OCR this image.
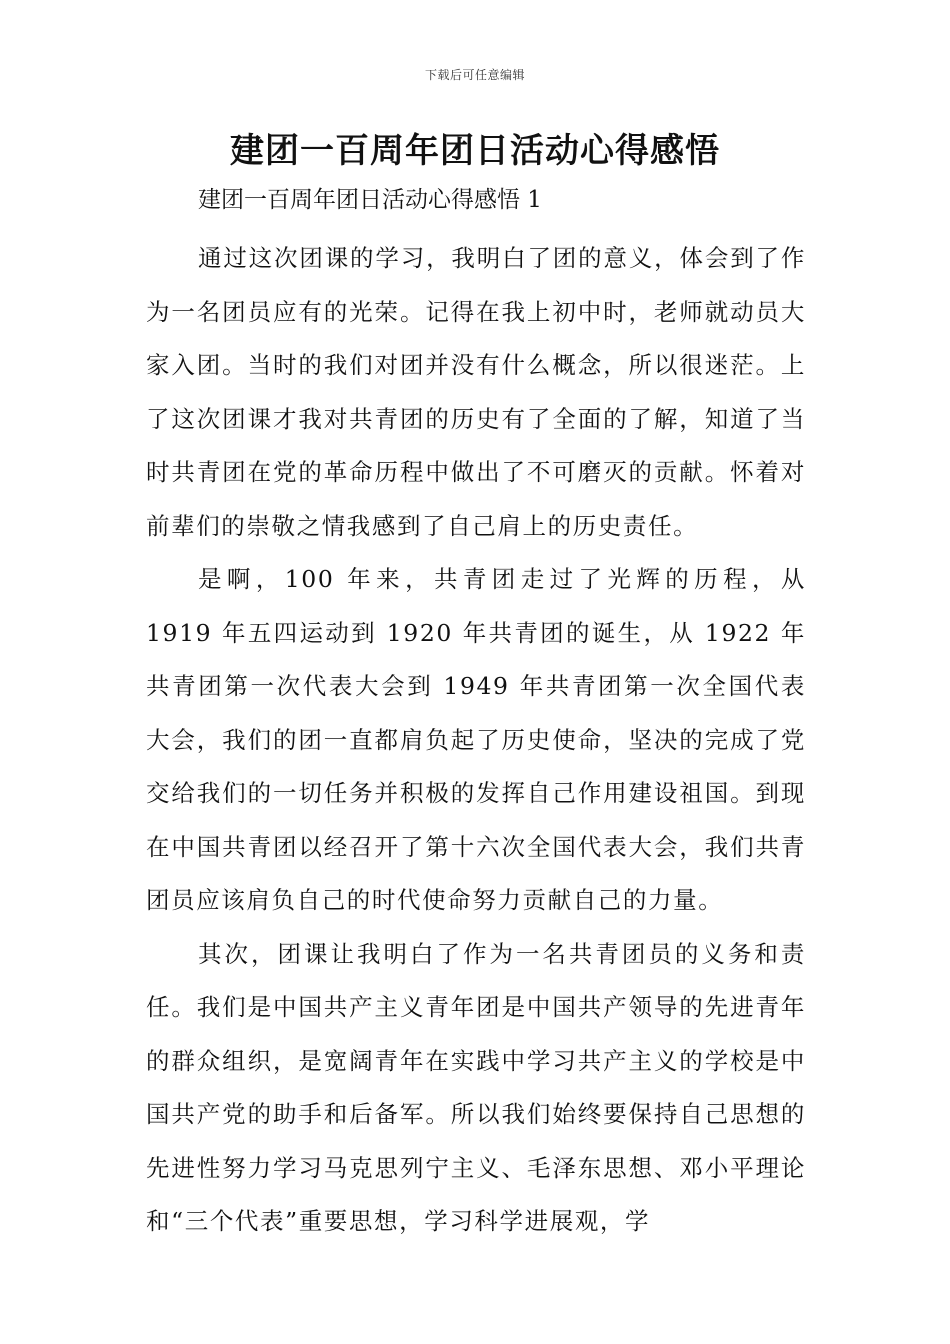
下载后可任意编辑
建团一百周年团日活动心得感悟

建团一百周年团日活动心得感悟 1

通过这次团课的学习，我明白了团的意义，体会到了作为一名团员应有的光荣。记得在我上初中时，老师就动员大家入团。当时的我们对团并没有什么概念，所以很迷茫。上了这次团课才我对共青团的历史有了全面的了解，知道了当时共青团在党的革命历程中做出了不可磨灭的贡献。怀着对前辈们的崇敬之情我感到了自己肩上的历史责任。

是啊，100 年来，共青团走过了光辉的历程，从 1919 年五四运动到 1920 年共青团的诞生，从 1922 年共青团第一次代表大会到 1949 年共青团第一次全国代表大会，我们的团一直都肩负起了历史使命，坚决的完成了党交给我们的一切任务并积极的发挥自己作用建设祖国。到现在中国共青团以经召开了第十六次全国代表大会，我们共青团员应该肩负自己的时代使命努力贡献自己的力量。

其次，团课让我明白了作为一名共青团员的义务和责任。我们是中国共产主义青年团是中国共产领导的先进青年的群众组织，是宽阔青年在实践中学习共产主义的学校是中国共产党的助手和后备军。所以我们始终要保持自己思想的先进性努力学习马克思列宁主义、毛泽东思想、邓小平理论和“三个代表”重要思想，学习科学进展观，学
